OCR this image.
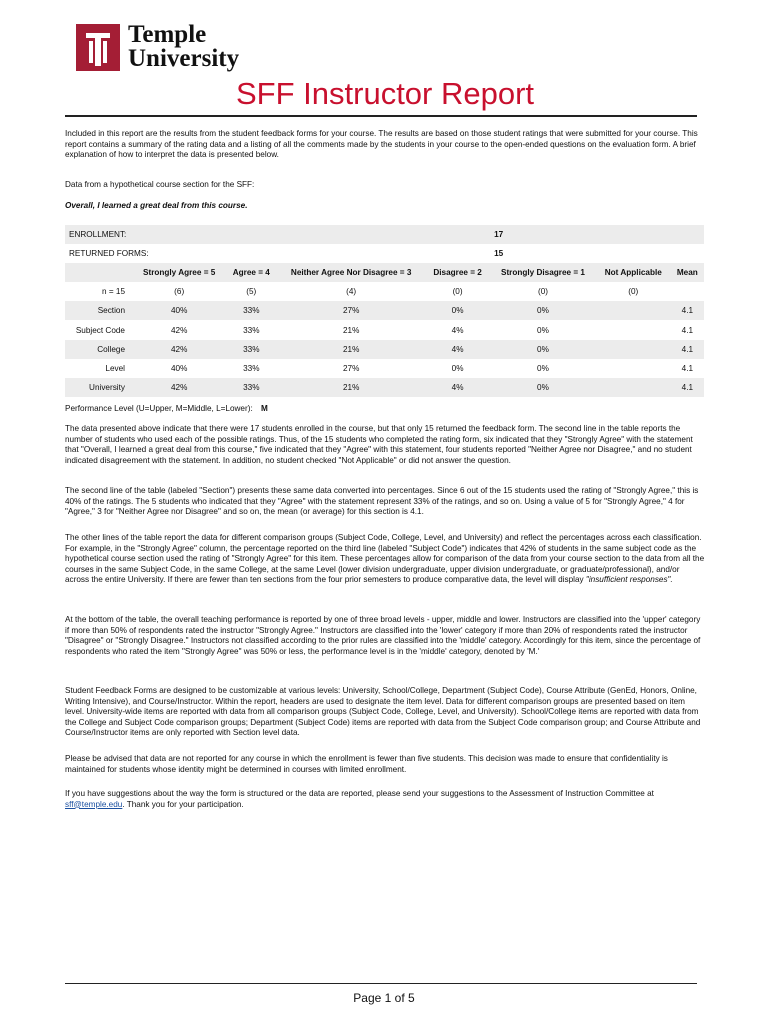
Temple
University
SFF Instructor Report
Included in this report are the results from the student feedback forms for your course. The results are based on those student ratings that were submitted for your course. This report contains a summary of the rating data and a listing of all the comments made by the students in your course to the open-ended questions on the evaluation form. A brief explanation of how to interpret the data is presented below.
Data from a hypothetical course section for the SFF:
Overall, I learned a great deal from this course.
ENROLLMENT:					17		
RETURNED FORMS:					15		
	Strongly Agree = 5	Agree = 4	Neither Agree Nor Disagree = 3	Disagree = 2	Strongly Disagree = 1	Not Applicable	Mean
n = 15	(6)	(5)	(4)	(0)	(0)	(0)	
Section	40%	33%	27%	0%	0%		4.1
Subject Code	42%	33%	21%	4%	0%		4.1
College	42%	33%	21%	4%	0%		4.1
Level	40%	33%	27%	0%	0%		4.1
University	42%	33%	21%	4%	0%		4.1
Performance Level (U=Upper, M=Middle, L=Lower): M
The data presented above indicate that there were 17 students enrolled in the course, but that only 15 returned the feedback form. The second line in the table reports the number of students who used each of the possible ratings. Thus, of the 15 students who completed the rating form, six indicated that they "Strongly Agree" with the statement that "Overall, I learned a great deal from this course," five indicated that they "Agree" with this statement, four students reported "Neither Agree nor Disagree," and no student indicated disagreement with the statement. In addition, no student checked "Not Applicable" or did not answer the question.
The second line of the table (labeled "Section") presents these same data converted into percentages. Since 6 out of the 15 students used the rating of "Strongly Agree," this is 40% of the ratings. The 5 students who indicated that they "Agree" with the statement represent 33% of the ratings, and so on. Using a value of 5 for "Strongly Agree," 4 for "Agree," 3 for "Neither Agree nor Disagree" and so on, the mean (or average) for this section is 4.1.
The other lines of the table report the data for different comparison groups (Subject Code, College, Level, and University) and reflect the percentages across each classification. For example, in the "Strongly Agree" column, the percentage reported on the third line (labeled "Subject Code") indicates that 42% of students in the same subject code as the hypothetical course section used the rating of "Strongly Agree" for this item. These percentages allow for comparison of the data from your course section to the data from all the courses in the same Subject Code, in the same College, at the same Level (lower division undergraduate, upper division undergraduate, or graduate/professional), and/or across the entire University. If there are fewer than ten sections from the four prior semesters to produce comparative data, the level will display "insufficient responses".
At the bottom of the table, the overall teaching performance is reported by one of three broad levels - upper, middle and lower. Instructors are classified into the 'upper' category if more than 50% of respondents rated the instructor "Strongly Agree." Instructors are classified into the 'lower' category if more than 20% of respondents rated the instructor "Disagree" or "Strongly Disagree." Instructors not classified according to the prior rules are classified into the 'middle' category. Accordingly for this item, since the percentage of respondents who rated the item "Strongly Agree" was 50% or less, the performance level is in the 'middle' category, denoted by 'M.'
Student Feedback Forms are designed to be customizable at various levels: University, School/College, Department (Subject Code), Course Attribute (GenEd, Honors, Online, Writing Intensive), and Course/Instructor. Within the report, headers are used to designate the item level. Data for different comparison groups are presented based on item level. University-wide items are reported with data from all comparison groups (Subject Code, College, Level, and University). School/College items are reported with data from the College and Subject Code comparison groups; Department (Subject Code) items are reported with data from the Subject Code comparison group; and Course Attribute and Course/Instructor items are only reported with Section level data.
Please be advised that data are not reported for any course in which the enrollment is fewer than five students. This decision was made to ensure that confidentiality is maintained for students whose identity might be determined in courses with limited enrollment.
If you have suggestions about the way the form is structured or the data are reported, please send your suggestions to the Assessment of Instruction Committee at sff@temple.edu. Thank you for your participation.
Page 1 of 5
